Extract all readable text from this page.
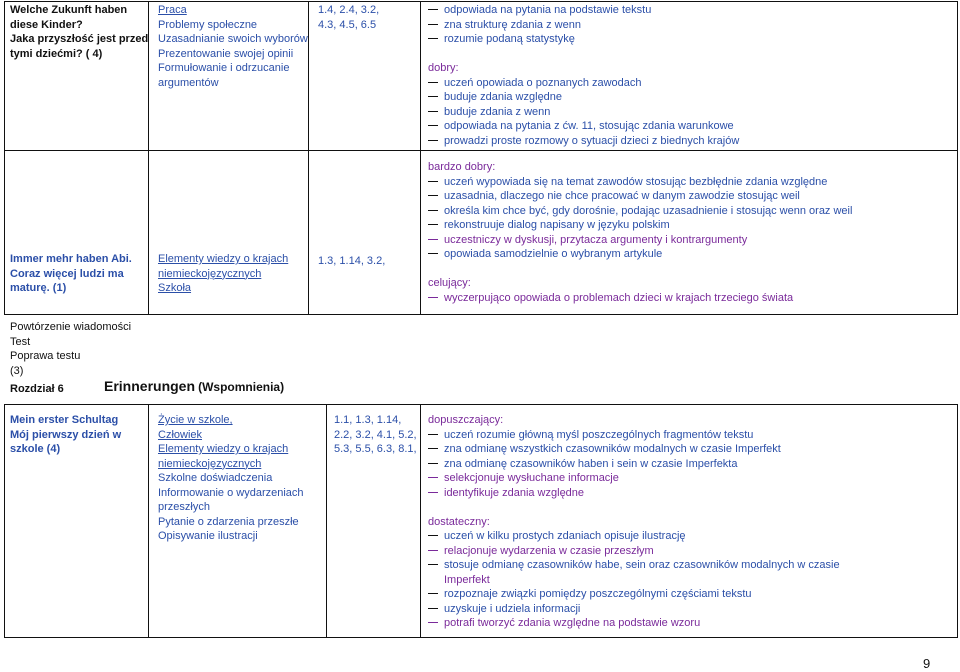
Welche Zukunft haben
diese Kinder?
Jaka przyszłość jest przed
tymi dziećmi? ( 4)
Praca
Problemy społeczne
Uzasadnianie swoich wyborów
Prezentowanie swojej opinii
Formułowanie i odrzucanie
argumentów
1.4, 2.4, 3.2,
4.3, 4.5, 6.5
odpowiada na pytania na podstawie tekstu
zna strukturę zdania z wenn
rozumie podaną statystykę

dobry:
uczeń opowiada o poznanych zawodach
buduje zdania względne
buduje zdania z wenn
odpowiada na pytania z ćw. 11, stosując zdania warunkowe
prowadzi proste rozmowy o sytuacji dzieci z biednych krajów
Immer mehr haben Abi.
Coraz więcej ludzi ma
maturę. (1)
Elementy wiedzy o krajach
niemieckojęzycznych
Szkoła
1.3, 1.14, 3.2,
bardzo dobry:
uczeń wypowiada się na temat zawodów stosując bezbłędnie zdania względne
uzasadnia, dlaczego nie chce pracować w danym zawodzie stosując weil
określa kim chce być, gdy dorośnie, podając uzasadnienie i stosując wenn oraz weil
rekonstruuje dialog napisany w języku polskim
uczestniczy w dyskusji, przytacza argumenty i kontrargumenty
opowiada samodzielnie o wybranym artykule

celujący:
wyczerpująco opowiada o problemach dzieci w krajach trzeciego świata
Powtórzenie wiadomości
Test
Poprawa testu
(3)
Rozdział 6	Erinnerungen (Wspomnienia)
Mein erster Schultag
Mój pierwszy dzień w
szkole (4)
Życie w szkole,
Człowiek
Elementy wiedzy o krajach
niemieckojęzycznych
Szkolne doświadczenia
Informowanie o wydarzeniach
przeszłych
Pytanie o zdarzenia przeszłe
Opisywanie ilustracji
1.1, 1.3, 1.14,
2.2, 3.2, 4.1, 5.2,
5.3, 5.5, 6.3, 8.1,
dopuszczający:
uczeń rozumie główną myśl poszczególnych fragmentów tekstu
zna odmianę wszystkich czasowników modalnych w czasie Imperfekt
zna odmianę czasowników haben i sein w czasie Imperfekta
selekcjonuje wysłuchane informacje
identyfikuje zdania względne

dostateczny:
uczeń w kilku prostych zdaniach opisuje ilustrację
relacjonuje wydarzenia w czasie przeszłym
stosuje odmianę czasowników habe, sein oraz czasowników modalnych w czasie
Imperfekt
rozpoznaje związki pomiędzy poszczególnymi częściami tekstu
uzyskuje i udziela informacji
potrafi tworzyć zdania względne na podstawie wzoru
9
